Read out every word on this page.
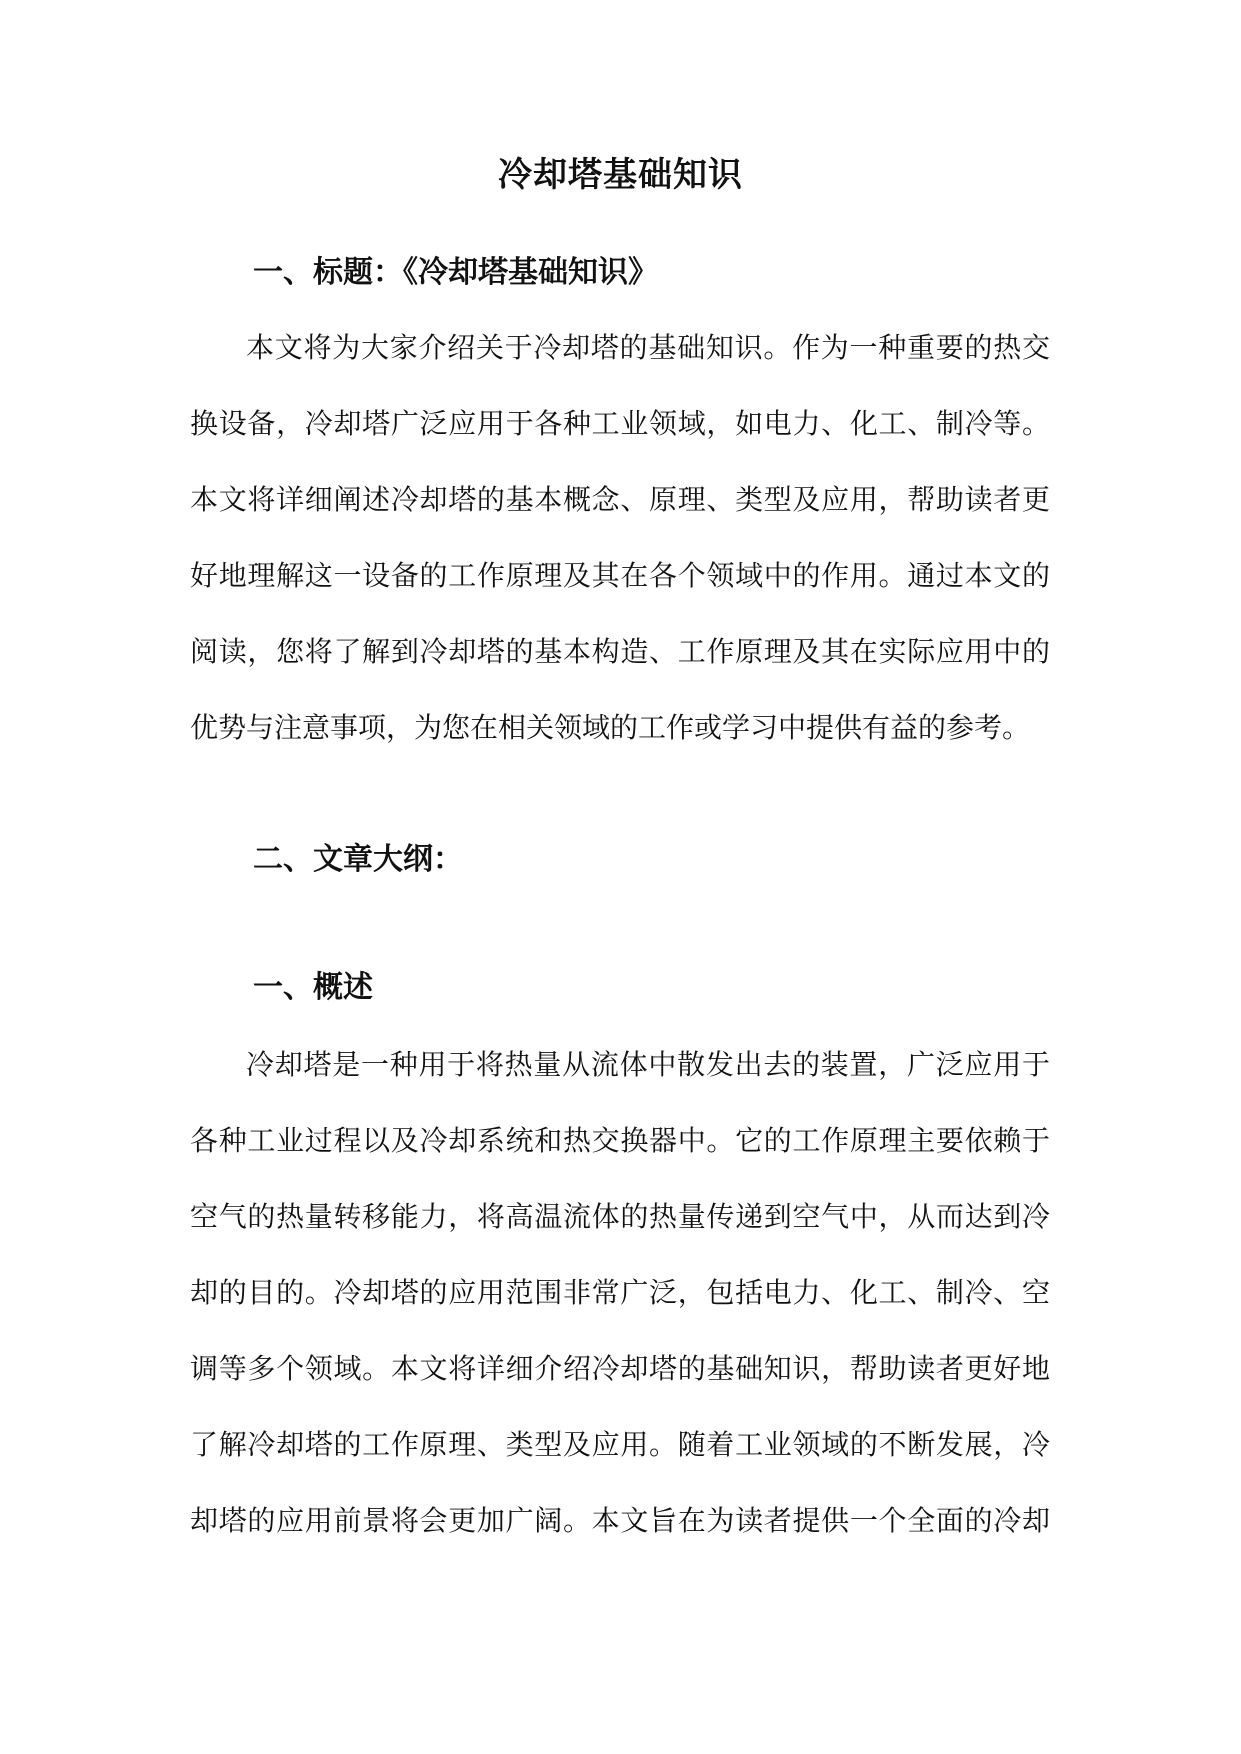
冷却塔基础知识
一、标题：《冷却塔基础知识》
本文将为大家介绍关于冷却塔的基础知识。作为一种重要的热交
换设备，冷却塔广泛应用于各种工业领域，如电力、化工、制冷等。
本文将详细阐述冷却塔的基本概念、原理、类型及应用，帮助读者更
好地理解这一设备的工作原理及其在各个领域中的作用。通过本文的
阅读，您将了解到冷却塔的基本构造、工作原理及其在实际应用中的
优势与注意事项，为您在相关领域的工作或学习中提供有益的参考。
二、文章大纲：
一、概述
冷却塔是一种用于将热量从流体中散发出去的装置，广泛应用于
各种工业过程以及冷却系统和热交换器中。它的工作原理主要依赖于
空气的热量转移能力，将高温流体的热量传递到空气中，从而达到冷
却的目的。冷却塔的应用范围非常广泛，包括电力、化工、制冷、空
调等多个领域。本文将详细介绍冷却塔的基础知识，帮助读者更好地
了解冷却塔的工作原理、类型及应用。随着工业领域的不断发展，冷
却塔的应用前景将会更加广阔。本文旨在为读者提供一个全面的冷却
